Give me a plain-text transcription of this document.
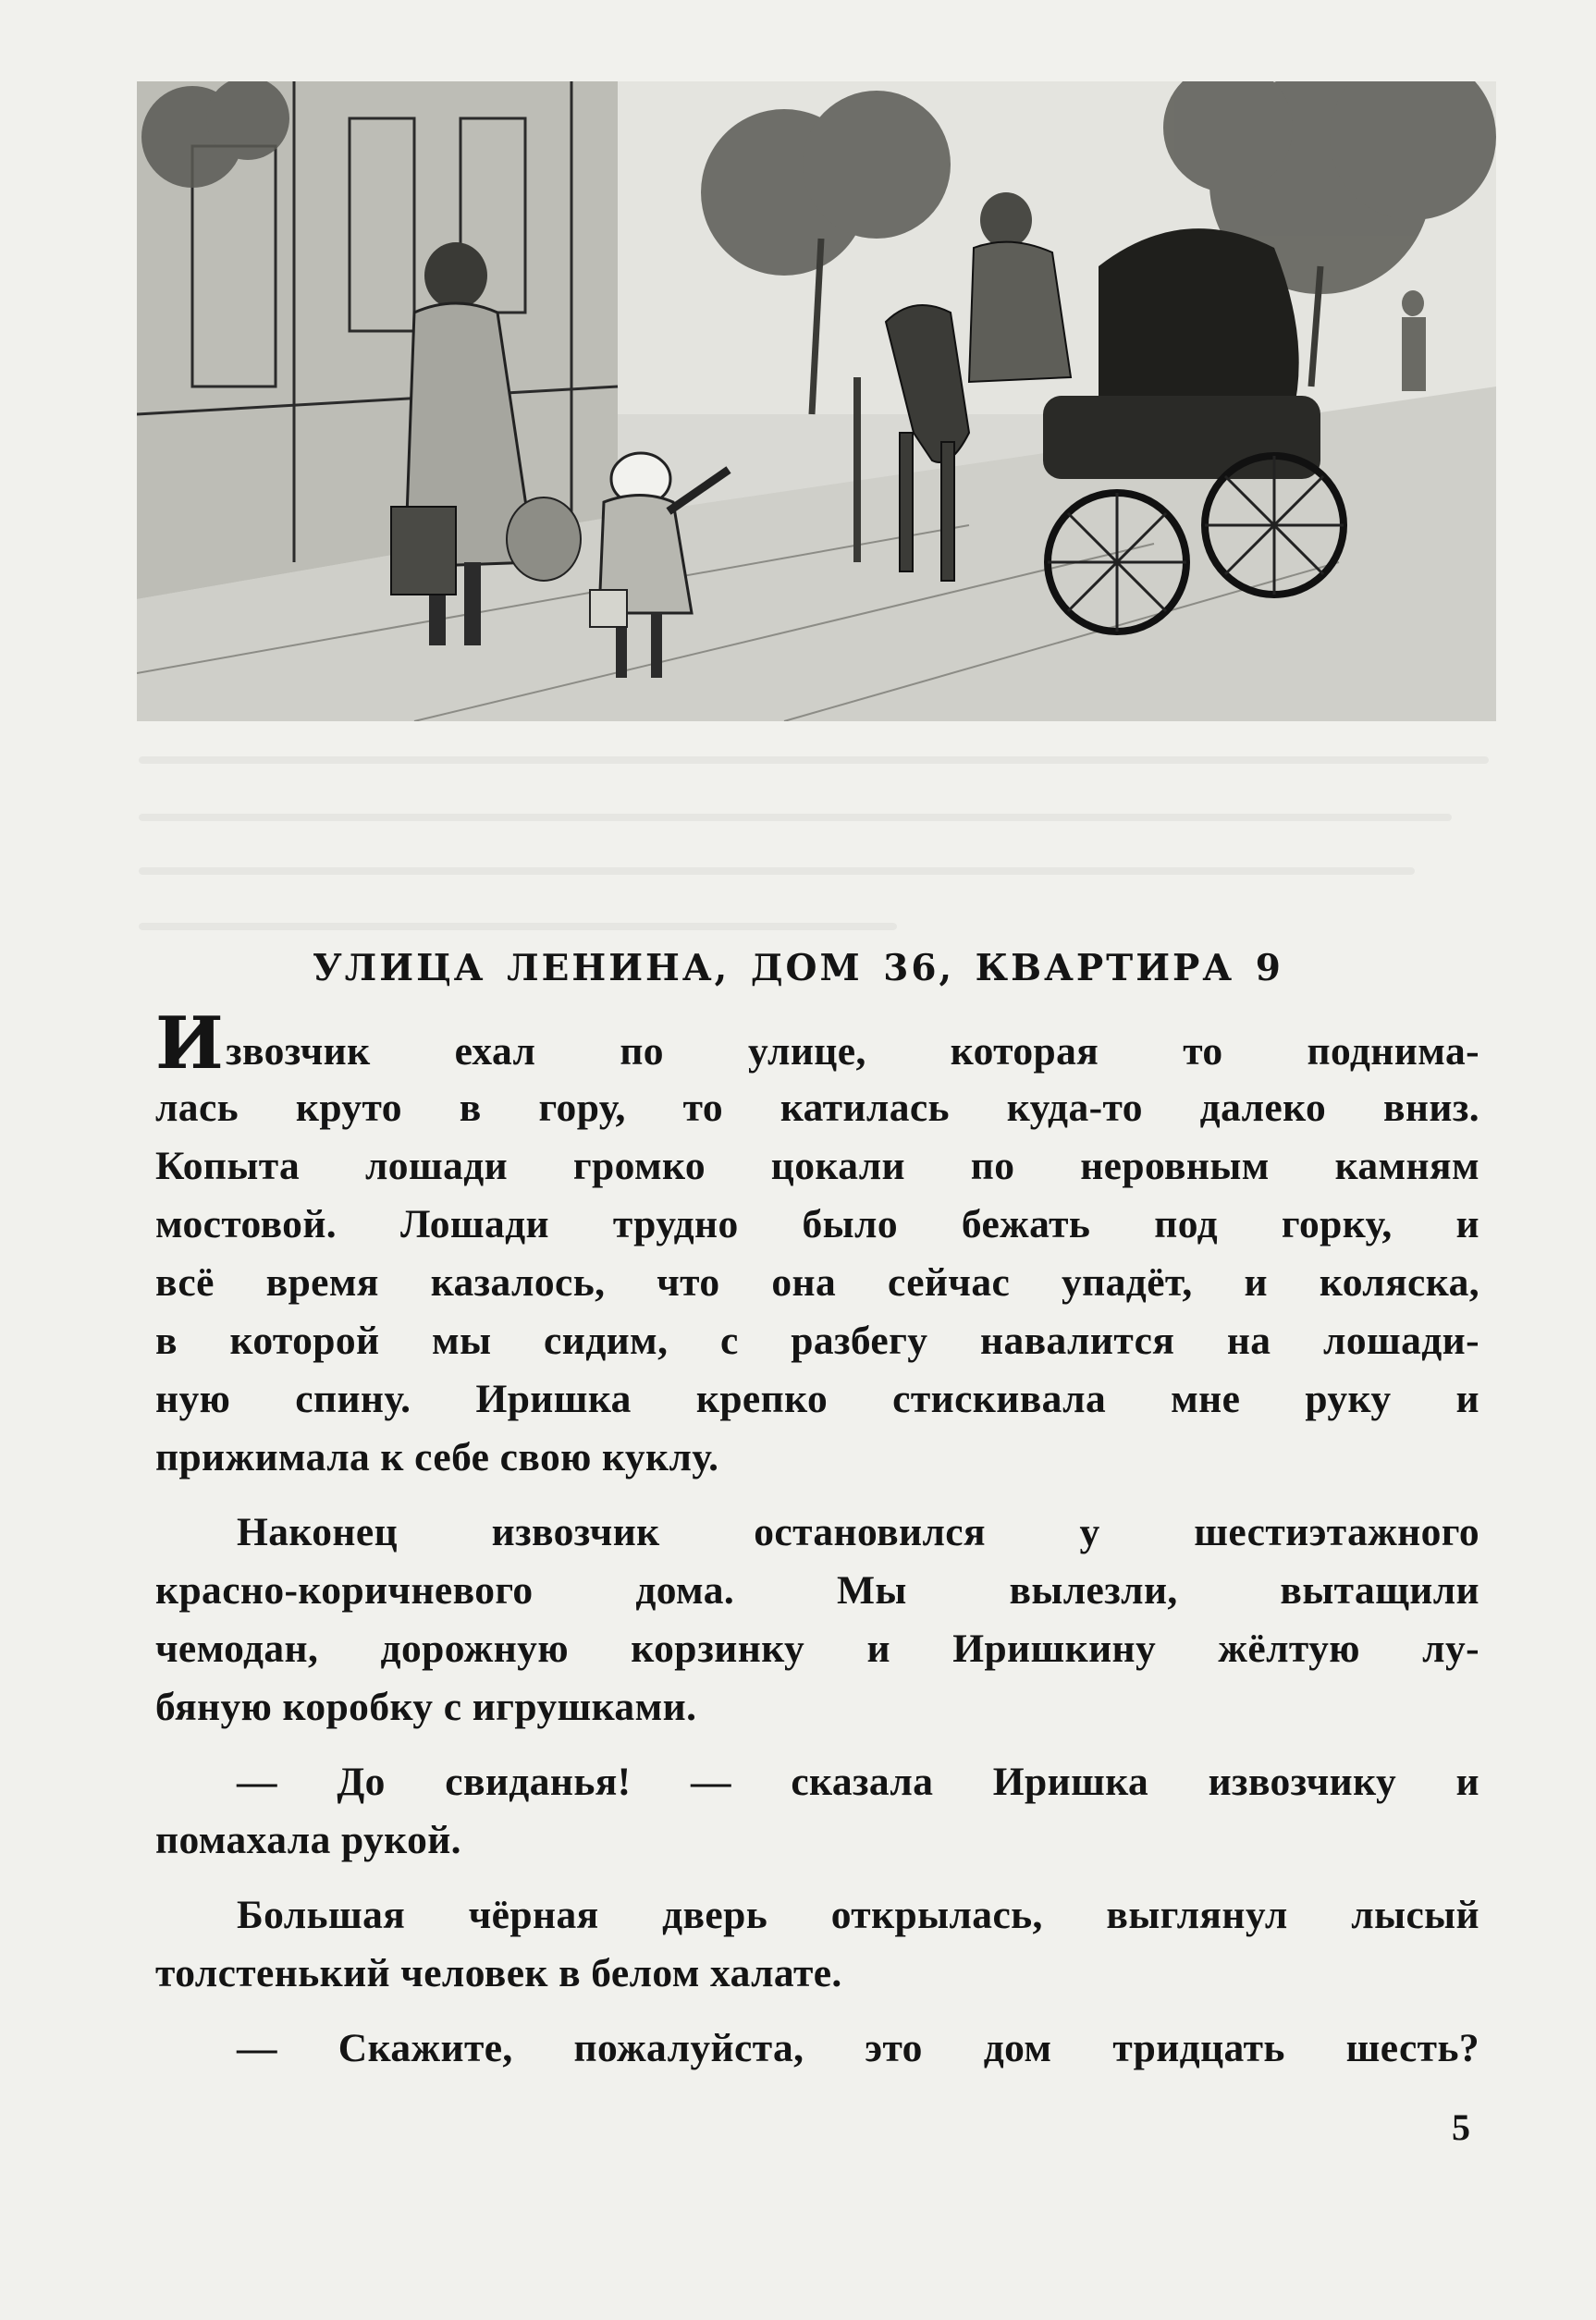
УЛИЦА ЛЕНИНА, ДОМ 36, КВАРТИРА 9
Извозчик ехал по улице, которая то поднима-
лась круто в гору, то катилась куда-то далеко вниз.
Копыта лошади громко цокали по неровным камням
мостовой. Лошади трудно было бежать под горку, и
всё время казалось, что она сейчас упадёт, и коляска,
в которой мы сидим, с разбегу навалится на лошади-
ную спину. Иришка крепко стискивала мне руку и
прижимала к себе свою куклу.
Наконец извозчик остановился у шестиэтажного
красно-коричневого дома. Мы вылезли, вытащили
чемодан, дорожную корзинку и Иришкину жёлтую лу-
бяную коробку с игрушками.
— До свиданья! — сказала Иришка извозчику и
помахала рукой.
Большая чёрная дверь открылась, выглянул лысый
толстенький человек в белом халате.
— Скажите, пожалуйста, это дом тридцать шесть?

5
